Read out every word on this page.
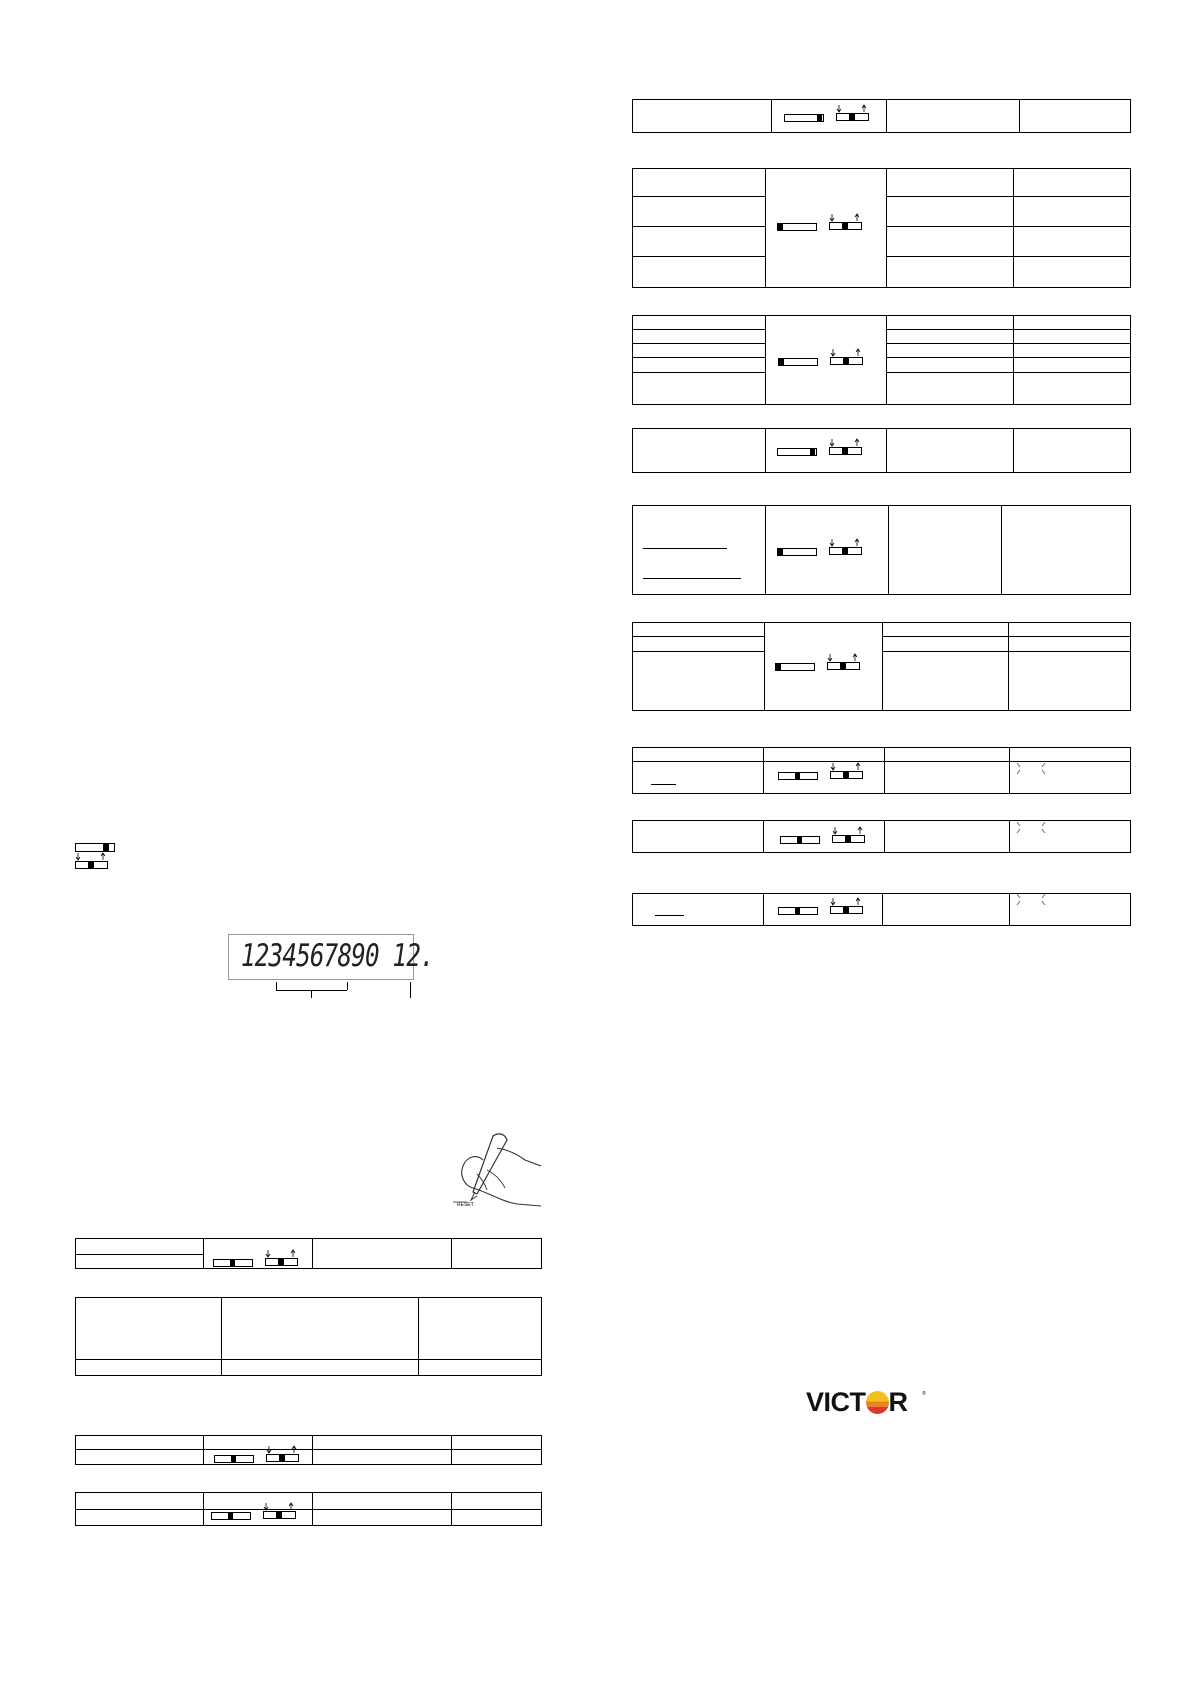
1234567890 12.
RESET
VICT R	®
